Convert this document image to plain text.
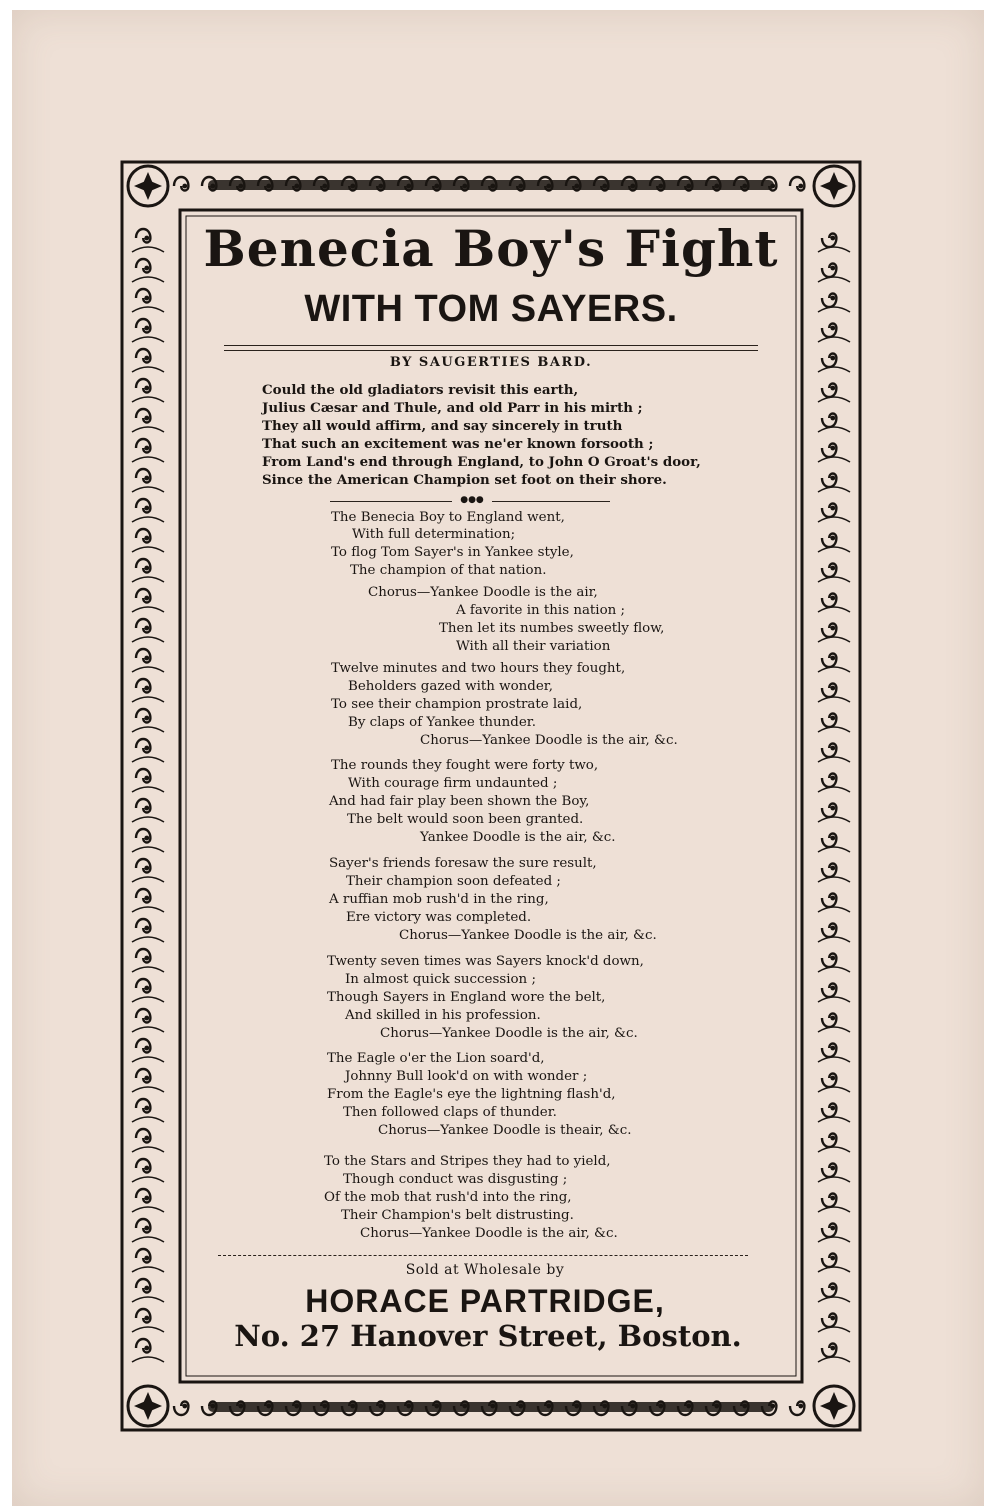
Benecia Boy's Fight
WITH TOM SAYERS.
BY SAUGERTIES BARD.
Could the old gladiators revisit this earth,
Julius Cæsar and Thule, and old Parr in his mirth ;
They all would affirm, and say sincerely in truth
That such an excitement was ne'er known forsooth ;
From Land's end through England, to John O Groat's door,
Since the American Champion set foot on their shore.
●●●
The Benecia Boy to England went,
With full determination;
To flog Tom Sayer's in Yankee style,
The champion of that nation.
Chorus—Yankee Doodle is the air,
A favorite in this nation ;
Then let its numbes sweetly flow,
With all their variation
Twelve minutes and two hours they fought,
Beholders gazed with wonder,
To see their champion prostrate laid,
By claps of Yankee thunder.
Chorus—Yankee Doodle is the air, &c.
The rounds they fought were forty two,
With courage firm undaunted ;
And had fair play been shown the Boy,
The belt would soon been granted.
Yankee Doodle is the air, &c.
Sayer's friends foresaw the sure result,
Their champion soon defeated ;
A ruffian mob rush'd in the ring,
Ere victory was completed.
Chorus—Yankee Doodle is the air, &c.
Twenty seven times was Sayers knock'd down,
In almost quick succession ;
Though Sayers in England wore the belt,
And skilled in his profession.
Chorus—Yankee Doodle is the air, &c.
The Eagle o'er the Lion soard'd,
Johnny Bull look'd on with wonder ;
From the Eagle's eye the lightning flash'd,
Then followed claps of thunder.
Chorus—Yankee Doodle is theair, &c.
To the Stars and Stripes they had to yield,
Though conduct was disgusting ;
Of the mob that rush'd into the ring,
Their Champion's belt distrusting.
Chorus—Yankee Doodle is the air, &c.
Sold at Wholesale by
HORACE PARTRIDGE,
No. 27 Hanover Street, Boston.
